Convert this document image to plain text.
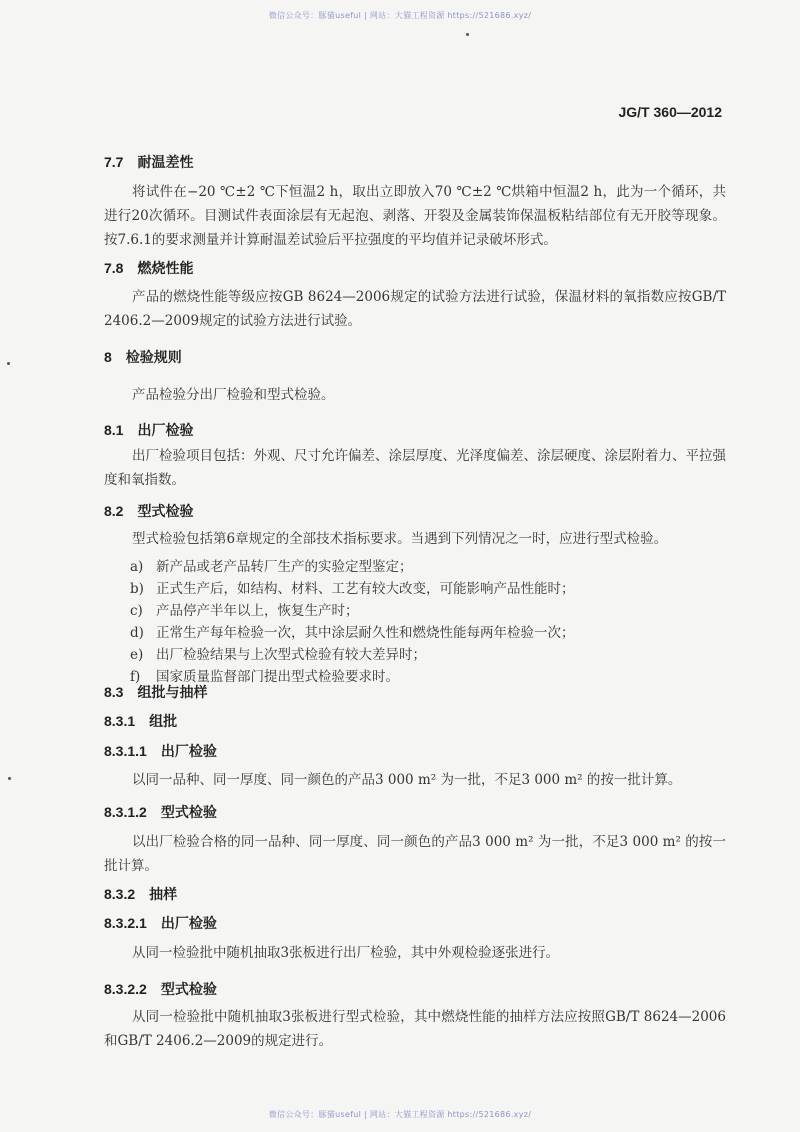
微信公众号：豚猫useful | 网站：大猫工程资源 https://521686.xyz/
JG/T 360—2012
7.7 耐温差性
将试件在−20 ℃±2 ℃下恒温2 h，取出立即放入70 ℃±2 ℃烘箱中恒温2 h，此为一个循环，共进行20次循环。目测试件表面涂层有无起泡、剥落、开裂及金属装饰保温板粘结部位有无开胶等现象。按7.6.1的要求测量并计算耐温差试验后平拉强度的平均值并记录破坏形式。
7.8 燃烧性能
产品的燃烧性能等级应按GB 8624—2006规定的试验方法进行试验，保温材料的氧指数应按GB/T 2406.2—2009规定的试验方法进行试验。
8 检验规则
产品检验分出厂检验和型式检验。
8.1 出厂检验
出厂检验项目包括：外观、尺寸允许偏差、涂层厚度、光泽度偏差、涂层硬度、涂层附着力、平拉强度和氧指数。
8.2 型式检验
型式检验包括第6章规定的全部技术指标要求。当遇到下列情况之一时，应进行型式检验。
a) 新产品或老产品转厂生产的实验定型鉴定；
b) 正式生产后，如结构、材料、工艺有较大改变，可能影响产品性能时；
c) 产品停产半年以上，恢复生产时；
d) 正常生产每年检验一次，其中涂层耐久性和燃烧性能每两年检验一次；
e) 出厂检验结果与上次型式检验有较大差异时；
f) 国家质量监督部门提出型式检验要求时。
8.3 组批与抽样
8.3.1 组批
8.3.1.1 出厂检验
以同一品种、同一厚度、同一颜色的产品3 000 m² 为一批，不足3 000 m² 的按一批计算。
8.3.1.2 型式检验
以出厂检验合格的同一品种、同一厚度、同一颜色的产品3 000 m² 为一批，不足3 000 m² 的按一批计算。
8.3.2 抽样
8.3.2.1 出厂检验
从同一检验批中随机抽取3张板进行出厂检验，其中外观检验逐张进行。
8.3.2.2 型式检验
从同一检验批中随机抽取3张板进行型式检验，其中燃烧性能的抽样方法应按照GB/T 8624—2006和GB/T 2406.2—2009的规定进行。
微信公众号：豚猫useful | 网站：大猫工程资源 https://521686.xyz/
